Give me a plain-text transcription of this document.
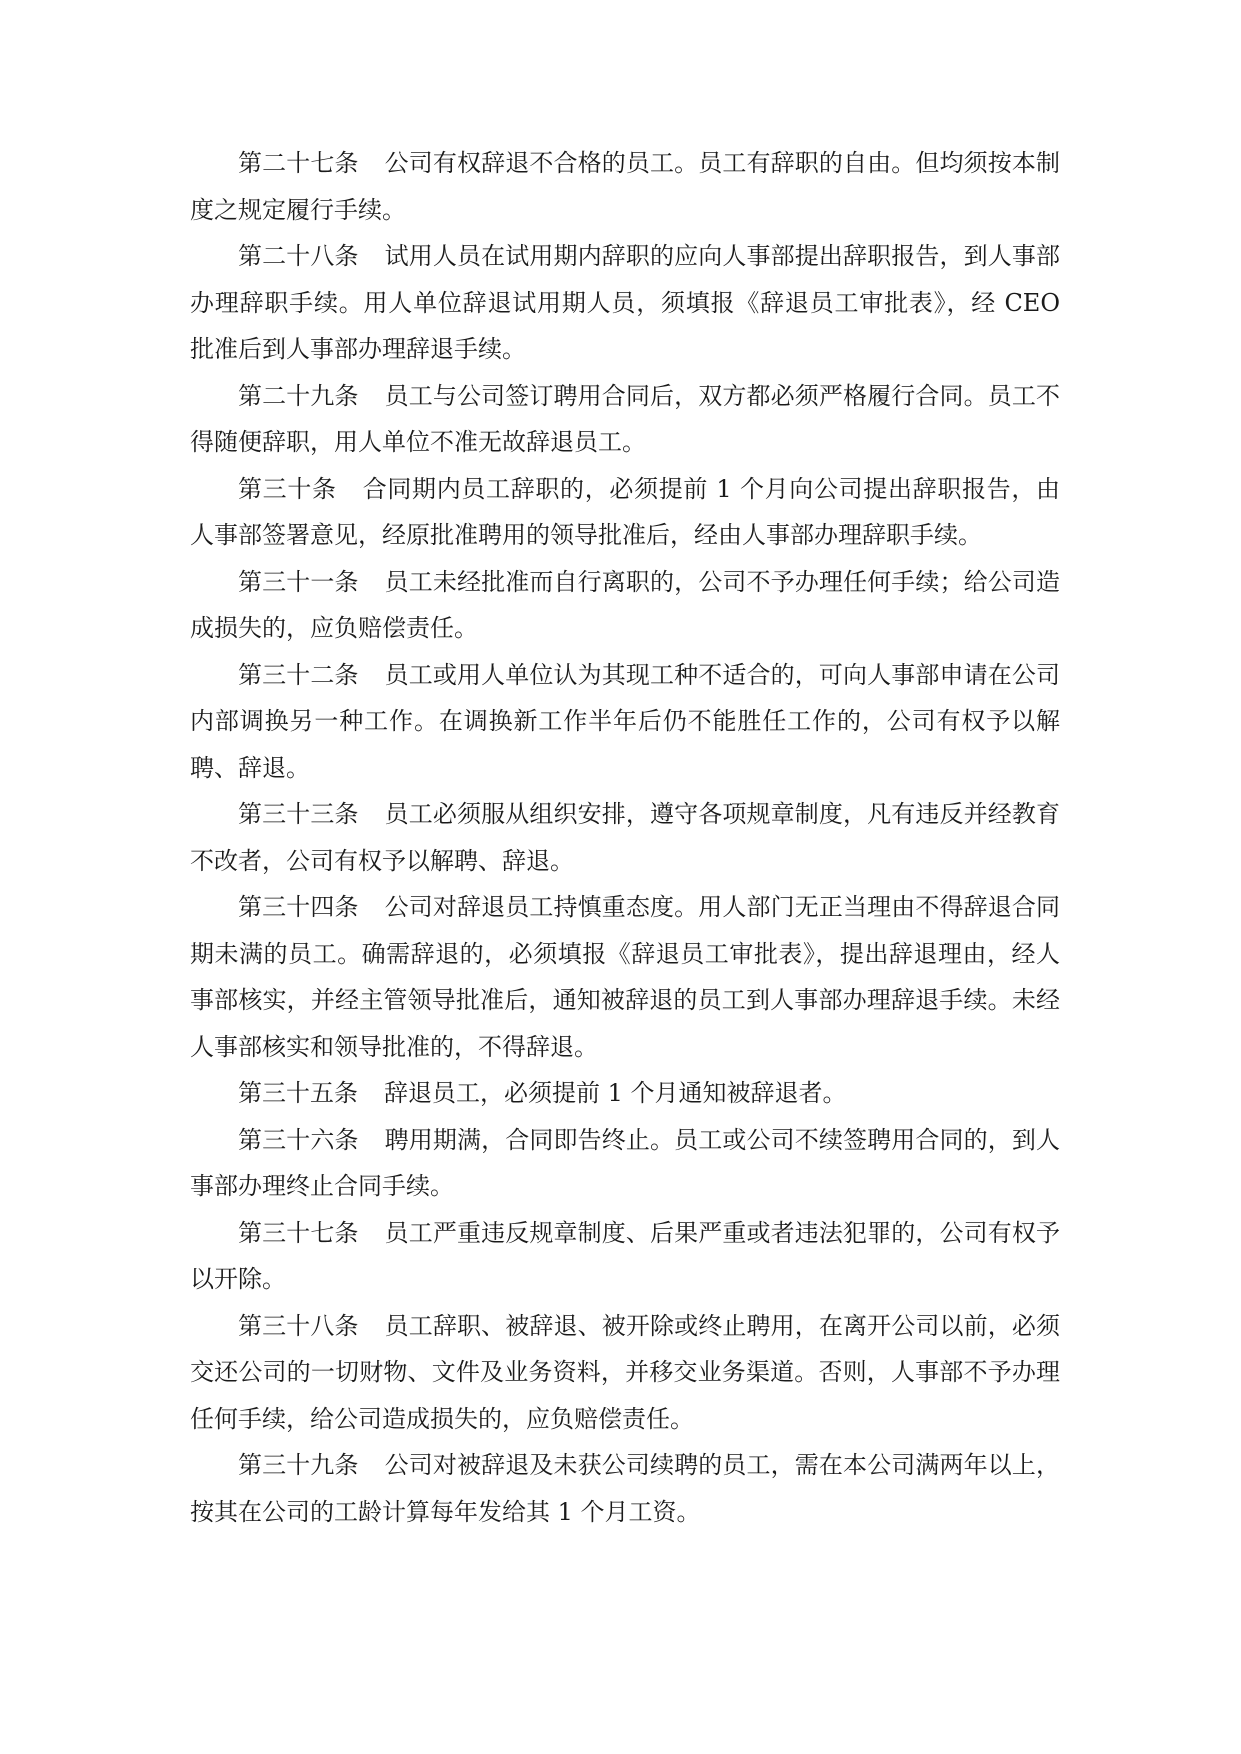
第二十七条 公司有权辞退不合格的员工。员工有辞职的自由。但均须按本制度之规定履行手续。

第二十八条 试用人员在试用期内辞职的应向人事部提出辞职报告，到人事部办理辞职手续。用人单位辞退试用期人员，须填报《辞退员工审批表》，经 CEO 批准后到人事部办理辞退手续。

第二十九条 员工与公司签订聘用合同后，双方都必须严格履行合同。员工不得随便辞职，用人单位不准无故辞退员工。

第三十条 合同期内员工辞职的，必须提前 1 个月向公司提出辞职报告，由人事部签署意见，经原批准聘用的领导批准后，经由人事部办理辞职手续。

第三十一条 员工未经批准而自行离职的，公司不予办理任何手续；给公司造成损失的，应负赔偿责任。

第三十二条 员工或用人单位认为其现工种不适合的，可向人事部申请在公司内部调换另一种工作。在调换新工作半年后仍不能胜任工作的，公司有权予以解聘、辞退。

第三十三条 员工必须服从组织安排，遵守各项规章制度，凡有违反并经教育不改者，公司有权予以解聘、辞退。

第三十四条 公司对辞退员工持慎重态度。用人部门无正当理由不得辞退合同期未满的员工。确需辞退的，必须填报《辞退员工审批表》，提出辞退理由，经人事部核实，并经主管领导批准后，通知被辞退的员工到人事部办理辞退手续。未经人事部核实和领导批准的，不得辞退。

第三十五条 辞退员工，必须提前 1 个月通知被辞退者。

第三十六条 聘用期满，合同即告终止。员工或公司不续签聘用合同的，到人事部办理终止合同手续。

第三十七条 员工严重违反规章制度、后果严重或者违法犯罪的，公司有权予以开除。

第三十八条 员工辞职、被辞退、被开除或终止聘用，在离开公司以前，必须交还公司的一切财物、文件及业务资料，并移交业务渠道。否则，人事部不予办理任何手续，给公司造成损失的，应负赔偿责任。

第三十九条 公司对被辞退及未获公司续聘的员工，需在本公司满两年以上，按其在公司的工龄计算每年发给其 1 个月工资。
